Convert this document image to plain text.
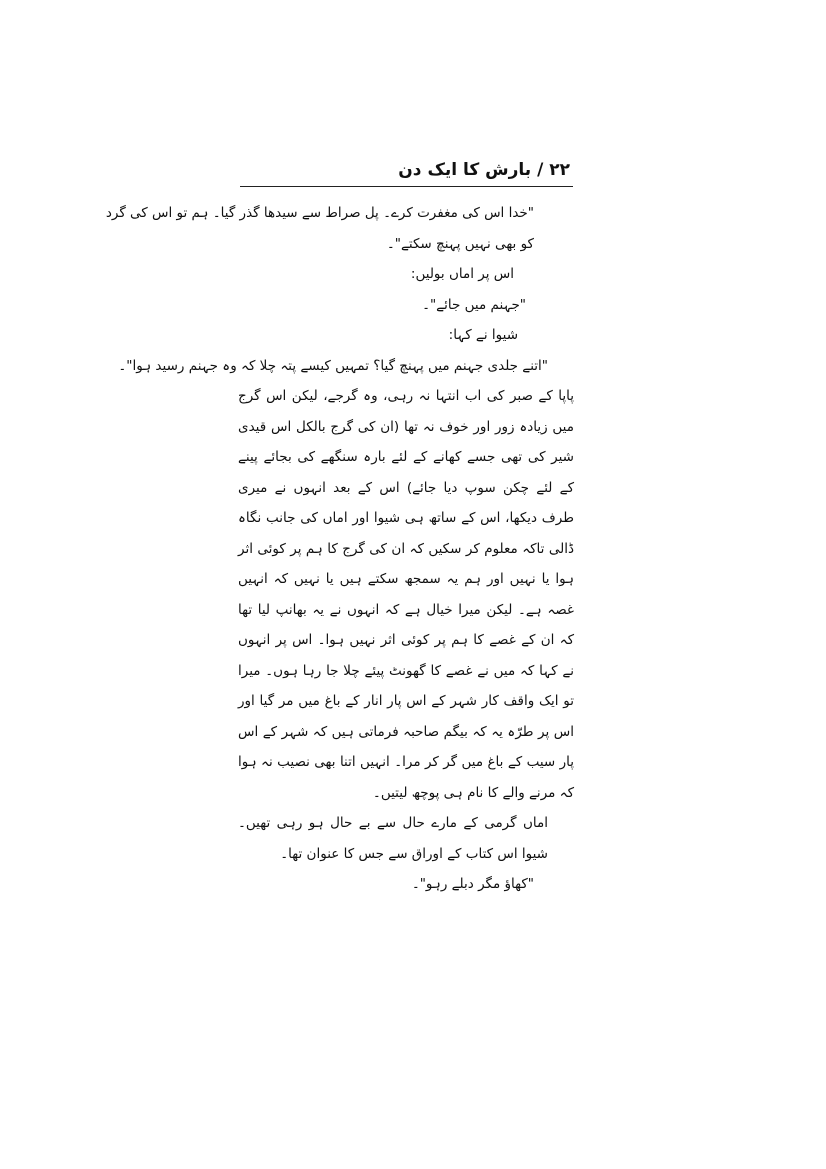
۲۲ / بارش کا ایک دن
"خدا اس کی مغفرت کرے۔ پل صراط سے سیدھا گذر گیا۔ ہم تو اس کی گرد
کو بھی نہیں پہنچ سکتے"۔
اس پر اماں بولیں:
"جہنم میں جائے"۔
شیوا نے کہا:
"اتنے جلدی جہنم میں پہنچ گیا؟ تمہیں کیسے پتہ چلا کہ وہ جہنم رسید ہوا"۔
پاپا کے صبر کی اب انتہا نہ رہی، وہ گرجے، لیکن اس گرج میں زیادہ زور اور خوف نہ تھا (ان کی گرج بالکل اس قیدی شیر کی تھی جسے کھانے کے لئے بارہ سنگھے کی بجائے پینے کے لئے چکن سوپ دیا جائے) اس کے بعد انہوں نے میری طرف دیکھا، اس کے ساتھ ہی شیوا اور اماں کی جانب نگاہ ڈالی تاکہ معلوم کر سکیں کہ ان کی گرج کا ہم پر کوئی اثر ہوا یا نہیں اور ہم یہ سمجھ سکتے ہیں یا نہیں کہ انہیں غصہ ہے۔ لیکن میرا خیال ہے کہ انہوں نے یہ بھانپ لیا تھا کہ ان کے غصے کا ہم پر کوئی اثر نہیں ہوا۔ اس پر انہوں نے کہا کہ میں نے غصے کا گھونٹ پیئے چلا جا رہا ہوں۔ میرا تو ایک واقف کار شہر کے اس پار انار کے باغ میں مر گیا اور اس پر طرّہ یہ کہ بیگم صاحبہ فرماتی ہیں کہ شہر کے اس پار سیب کے باغ میں گر کر مرا۔ انہیں اتنا بھی نصیب نہ ہوا کہ مرنے والے کا نام ہی پوچھ لیتیں۔
اماں گرمی کے مارے حال سے بے حال ہو رہی تھیں۔ شیوا اس کتاب کے اوراق سے جس کا عنوان تھا۔
"کھاؤ مگر دبلے رہو"۔
